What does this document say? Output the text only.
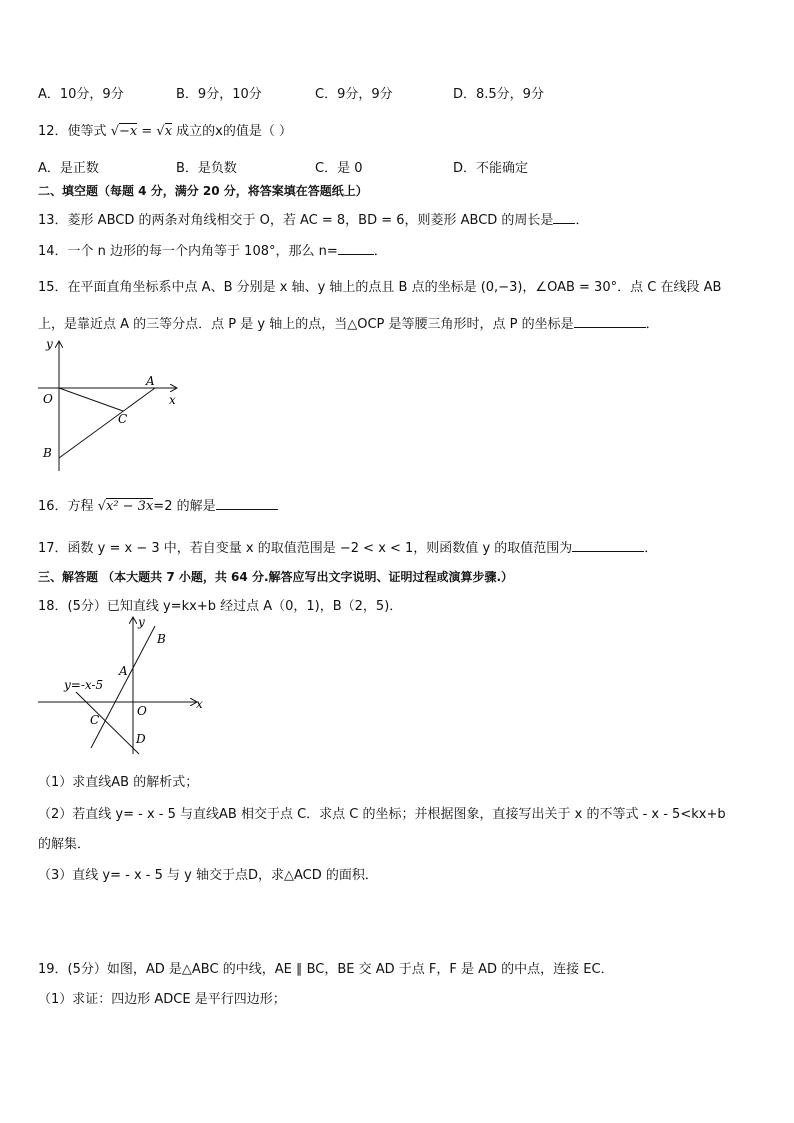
A．10分，9分	B．9分，10分	C．9分，9分	D．8.5分，9分
12．使等式 √−x = √x 成立的x的值是（ ）
A．是正数	B．是负数	C．是 0	D．不能确定
二、填空题（每题 4 分，满分 20 分，将答案填在答题纸上）
13．菱形 ABCD 的两条对角线相交于 O，若 AC = 8，BD = 6，则菱形 ABCD 的周长是 ．
14．一个 n 边形的每一个内角等于 108°，那么 n=	．
15．在平面直角坐标系中点 A、B 分别是 x 轴、y 轴上的点且 B 点的坐标是 (0,−3)，∠OAB = 30°．点 C 在线段 AB
上，是靠近点 A 的三等分点．点 P 是 y 轴上的点，当△OCP 是等腰三角形时，点 P 的坐标是	．
y
x
O
A
B
C
16．方程 √x² − 3x=2 的解是
17．函数 y = x − 3 中，若自变量 x 的取值范围是 −2 < x < 1，则函数值 y 的取值范围为	．
三、解答题 （本大题共 7 小题，共 64 分.解答应写出文字说明、证明过程或演算步骤.）
18．(5分）已知直线 y=kx+b 经过点 A（0，1)，B（2，5)．
y
x
O
A
B
C
D
y=-x-5
（1）求直线AB 的解析式；
（2）若直线 y= - x - 5 与直线AB 相交于点 C．求点 C 的坐标；并根据图象，直接写出关于 x 的不等式 - x - 5<kx+b
的解集．
（3）直线 y= - x - 5 与 y 轴交于点D，求△ACD 的面积．
19．(5分）如图，AD 是△ABC 的中线，AE ∥ BC，BE 交 AD 于点 F，F 是 AD 的中点，连接 EC．
（1）求证：四边形 ADCE 是平行四边形；
